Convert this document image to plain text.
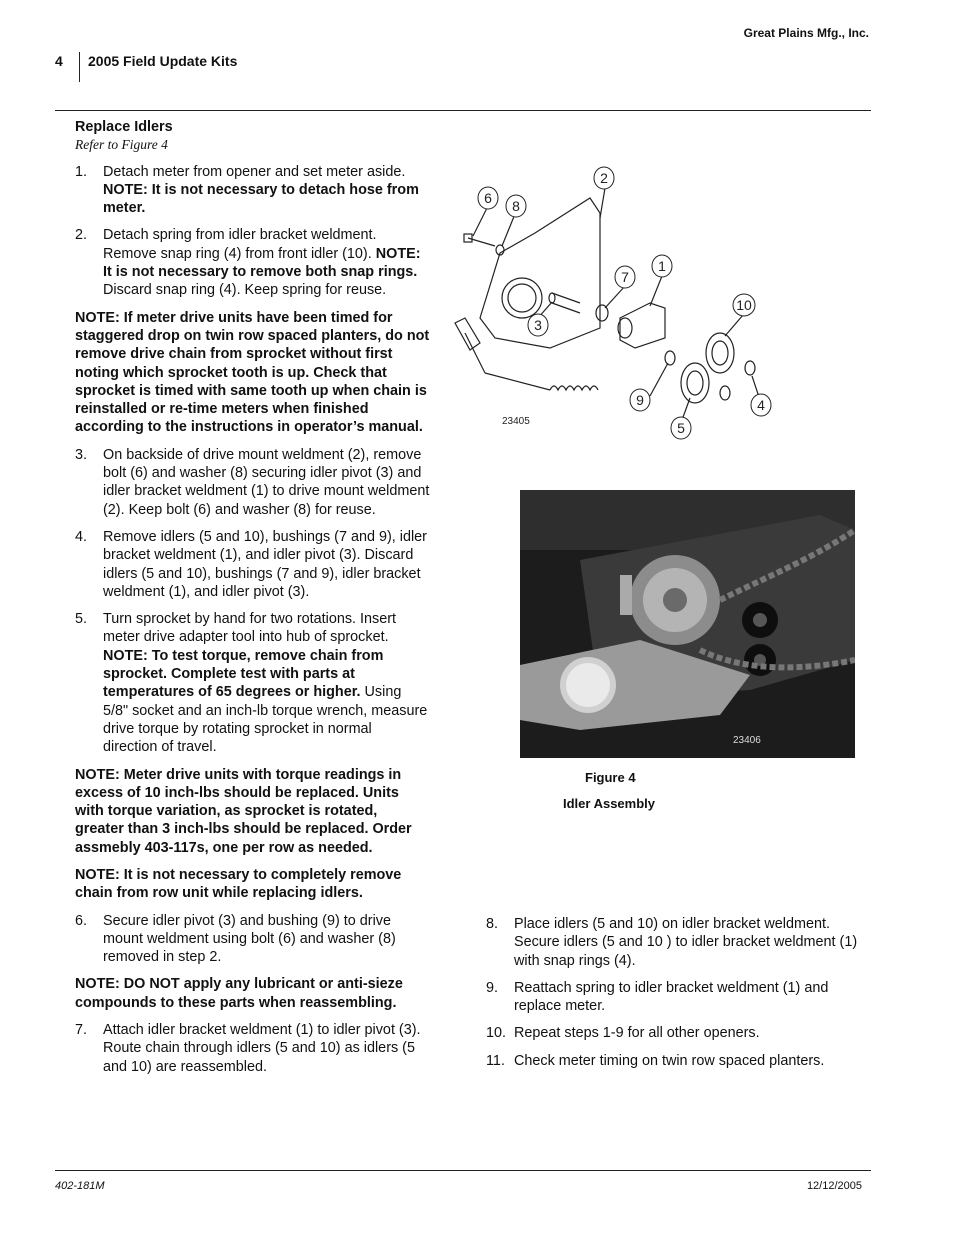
Great Plains Mfg., Inc.
4 2005 Field Update Kits
Replace Idlers
Refer to Figure 4
1. Detach meter from opener and set meter aside. NOTE: It is not necessary to detach hose from meter.
2. Detach spring from idler bracket weldment. Remove snap ring (4) from front idler (10). NOTE: It is not necessary to remove both snap rings. Discard snap ring (4). Keep spring for reuse.
NOTE: If meter drive units have been timed for staggered drop on twin row spaced planters, do not remove drive chain from sprocket without first noting which sprocket tooth is up. Check that sprocket is timed with same tooth up when chain is reinstalled or re-time meters when finished according to the instructions in operator’s manual.
3. On backside of drive mount weldment (2), remove bolt (6) and washer (8) securing idler pivot (3) and idler bracket weldment (1) to drive mount weldment (2). Keep bolt (6) and washer (8) for reuse.
4. Remove idlers (5 and 10), bushings (7 and 9), idler bracket weldment (1), and idler pivot (3). Discard idlers (5 and 10), bushings (7 and 9), idler bracket weldment (1), and idler pivot (3).
5. Turn sprocket by hand for two rotations. Insert meter drive adapter tool into hub of sprocket. NOTE: To test torque, remove chain from sprocket. Complete test with parts at temperatures of 65 degrees or higher. Using 5/8" socket and an inch-lb torque wrench, measure drive torque by rotating sprocket in normal direction of travel.
NOTE: Meter drive units with torque readings in excess of 10 inch-lbs should be replaced. Units with torque variation, as sprocket is rotated, greater than 3 inch-lbs should be replaced. Order assmebly 403-117s, one per row as needed.
NOTE: It is not necessary to completely remove chain from row unit while replacing idlers.
6. Secure idler pivot (3) and bushing (9) to drive mount weldment using bolt (6) and washer (8) removed in step 2.
NOTE: DO NOT apply any lubricant or anti-sieze compounds to these parts when reassembling.
7. Attach idler bracket weldment (1) to idler pivot (3). Route chain through idlers (5 and 10) as idlers (5 and 10) are reassembled.
6 8
2
7
1
3
10
9	4
5
23405
23406
Figure 4
Idler Assembly
8. Place idlers (5 and 10) on idler bracket weldment. Secure idlers (5 and 10 ) to idler bracket weldment (1) with snap rings (4).
9. Reattach spring to idler bracket weldment (1) and replace meter.
10. Repeat steps 1-9 for all other openers.
11. Check meter timing on twin row spaced planters.
402-181M	12/12/2005
